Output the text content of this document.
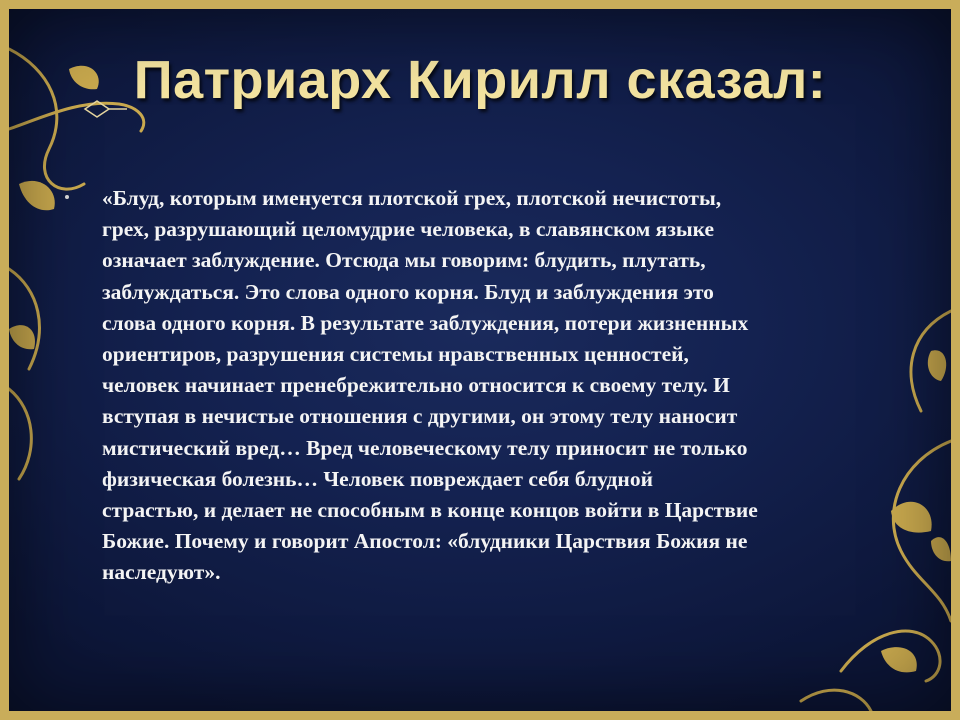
Патриарх Кирилл сказал:

«Блуд, которым именуется плотской грех, плотской нечистоты,
грех, разрушающий целомудрие человека, в славянском языке
означает заблуждение. Отсюда мы говорим: блудить, плутать,
заблуждаться. Это слова одного корня. Блуд и заблуждения это
слова одного корня. В результате заблуждения, потери жизненных
ориентиров, разрушения системы нравственных ценностей,
человек начинает пренебрежительно относится к своему телу. И
вступая в нечистые отношения с другими, он этому телу наносит
мистический вред… Вред человеческому телу приносит не только
физическая болезнь… Человек повреждает себя блудной
страстью, и делает не способным в конце концов войти в Царствие
Божие. Почему и говорит Апостол: «блудники Царствия Божия не
наследуют».
